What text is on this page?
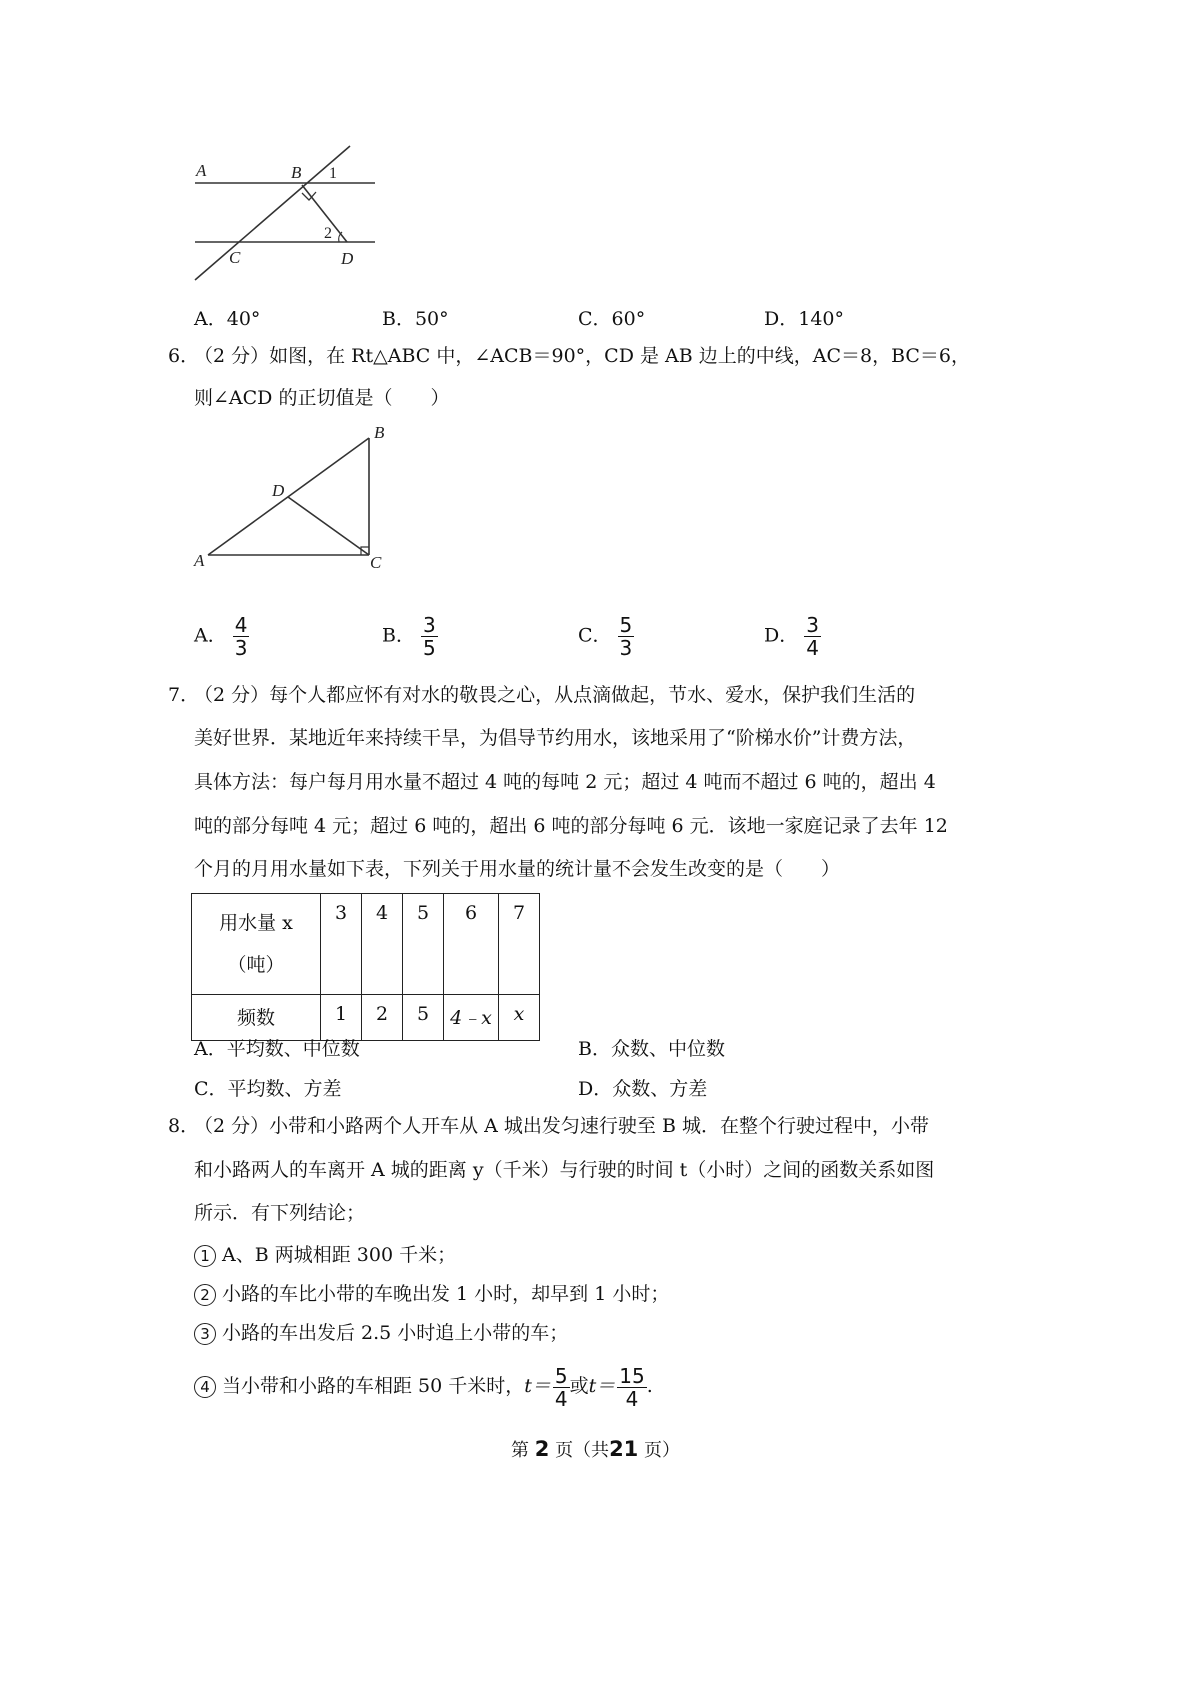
A	B 1
2
C	D
A．40°	B．50°	C．60°	D．140°
6．
（2 分）如图，在 Rt△ABC 中，∠ACB＝90°，CD 是 AB 边上的中线，AC＝8，BC＝6，
则∠ACD 的正切值是（　　）
A
B
C
D
A． $\frac{4}{3}$	B． $\frac{3}{5}$	C． $\frac{5}{3}$	D． $\frac{3}{4}$
7．
（2 分）每个人都应怀有对水的敬畏之心，从点滴做起，节水、爱水，保护我们生活的
美好世界．某地近年来持续干旱，为倡导节约用水，该地采用了“阶梯水价”计费方法，
具体方法：每户每月用水量不超过 4 吨的每吨 2 元；超过 4 吨而不超过 6 吨的，超出 4
吨的部分每吨 4 元；超过 6 吨的，超出 6 吨的部分每吨 6 元．该地一家庭记录了去年 12
个月的月用水量如下表，下列关于用水量的统计量不会发生改变的是（　　）
用水量 x
（吨）	3	4	5	6	7
频数	1	2	5	4﹣x	x
A．平均数、中位数	B．众数、中位数
C．平均数、方差	D．众数、方差
8．
（2 分）小带和小路两个人开车从 A 城出发匀速行驶至 B 城．在整个行驶过程中，小带
和小路两人的车离开 A 城的距离 y（千米）与行驶的时间 t（小时）之间的函数关系如图
所示．有下列结论；
1 A、B 两城相距 300 千米；
2 小路的车比小带的车晚出发 1 小时，却早到 1 小时；
3 小路的车出发后 2.5 小时追上小带的车；
4 当小带和小路的车相距 50 千米时，$t= \frac{5}{4}$ 或$t= \frac{15}{4}$ .
第 2 页（共21 页）
